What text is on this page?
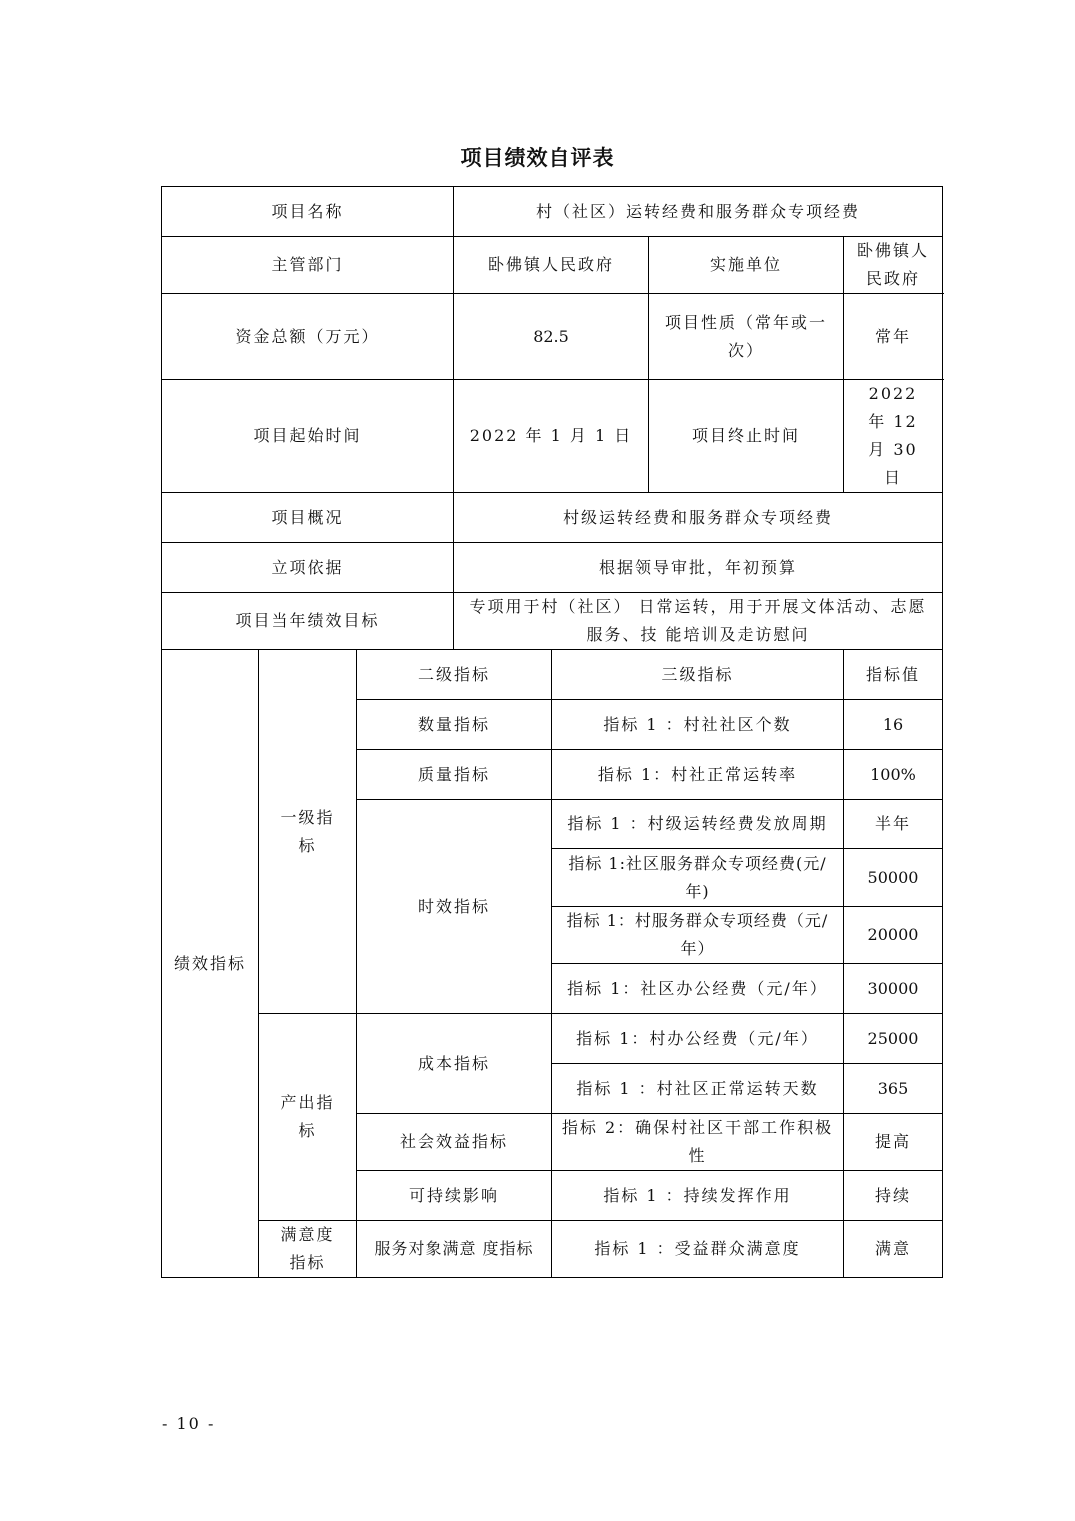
项目绩效自评表
项目名称			村（社区）运转经费和服务群众专项经费			
主管部门			卧佛镇人民政府		实施单位	卧佛镇人民政府
资金总额（万元）			82.5		项目性质（常年或一 次）	常年
项目起始时间			2022 年 1 月 1 日		项目终止时间	2022 年 12 月 30 日
项目概况			村级运转经费和服务群众专项经费			
立项依据			根据领导审批，年初预算			
项目当年绩效目标			专项用于村（社区） 日常运转，用于开展文体活动、志愿服务、技 能培训及走访慰问			
绩效指标	一级指标	二级指标		三级指标		指标值
		数量指标		指标 1 ：村社社区个数		16
		质量指标		指标 1：村社正常运转率		100%
		时效指标		指标 1 ：村级运转经费发放周期		半年
				指标 1:社区服务群众专项经费(元/年)		50000
				指标 1：村服务群众专项经费（元/年）		20000
				指标 1：社区办公经费（元/年）		30000
	产出指标	成本指标		指标 1：村办公经费（元/年）		25000
				指标 1 ：村社区正常运转天数		365
		社会效益指标		指标 2：确保村社区干部工作积极性		提高
		可持续影响		指标 1 ：持续发挥作用		持续
	满意度指标	服务对象满意 度指标		指标 1 ：受益群众满意度		满意
- 10 -
